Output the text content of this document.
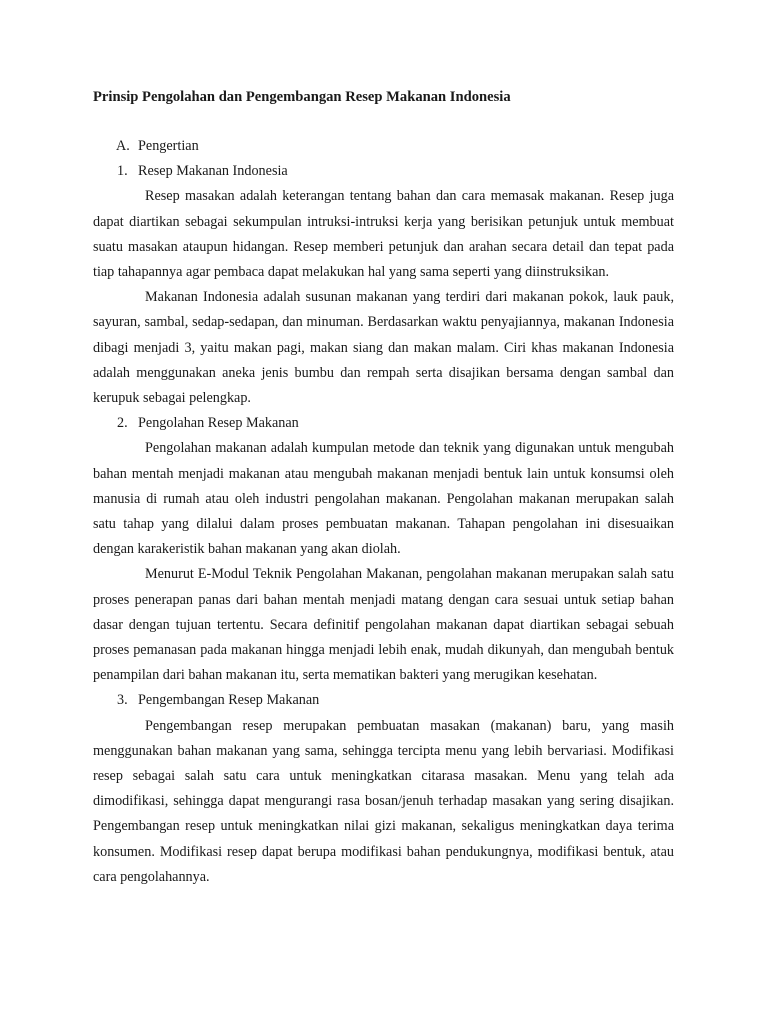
Prinsip Pengolahan dan Pengembangan Resep Makanan Indonesia

A. Pengertian

1. Resep Makanan Indonesia

Resep masakan adalah keterangan tentang bahan dan cara memasak makanan. Resep juga dapat diartikan sebagai sekumpulan intruksi-intruksi kerja yang berisikan petunjuk untuk membuat suatu masakan ataupun hidangan. Resep memberi petunjuk dan arahan secara detail dan tepat pada tiap tahapannya agar pembaca dapat melakukan hal yang sama seperti yang diinstruksikan.

Makanan Indonesia adalah susunan makanan yang terdiri dari makanan pokok, lauk pauk, sayuran, sambal, sedap-sedapan, dan minuman. Berdasarkan waktu penyajiannya, makanan Indonesia dibagi menjadi 3, yaitu makan pagi, makan siang dan makan malam. Ciri khas makanan Indonesia adalah menggunakan aneka jenis bumbu dan rempah serta disajikan bersama dengan sambal dan kerupuk sebagai pelengkap.

2. Pengolahan Resep Makanan

Pengolahan makanan adalah kumpulan metode dan teknik yang digunakan untuk mengubah bahan mentah menjadi makanan atau mengubah makanan menjadi bentuk lain untuk konsumsi oleh manusia di rumah atau oleh industri pengolahan makanan. Pengolahan makanan merupakan salah satu tahap yang dilalui dalam proses pembuatan makanan. Tahapan pengolahan ini disesuaikan dengan karakeristik bahan makanan yang akan diolah.

Menurut E-Modul Teknik Pengolahan Makanan, pengolahan makanan merupakan salah satu proses penerapan panas dari bahan mentah menjadi matang dengan cara sesuai untuk setiap bahan dasar dengan tujuan tertentu. Secara definitif pengolahan makanan dapat diartikan sebagai sebuah proses pemanasan pada makanan hingga menjadi lebih enak, mudah dikunyah, dan mengubah bentuk penampilan dari bahan makanan itu, serta mematikan bakteri yang merugikan kesehatan.

3. Pengembangan Resep Makanan

Pengembangan resep merupakan pembuatan masakan (makanan) baru, yang masih menggunakan bahan makanan yang sama, sehingga tercipta menu yang lebih bervariasi. Modifikasi resep sebagai salah satu cara untuk meningkatkan citarasa masakan. Menu yang telah ada dimodifikasi, sehingga dapat mengurangi rasa bosan/jenuh terhadap masakan yang sering disajikan. Pengembangan resep untuk meningkatkan nilai gizi makanan, sekaligus meningkatkan daya terima konsumen. Modifikasi resep dapat berupa modifikasi bahan pendukungnya, modifikasi bentuk, atau cara pengolahannya.
